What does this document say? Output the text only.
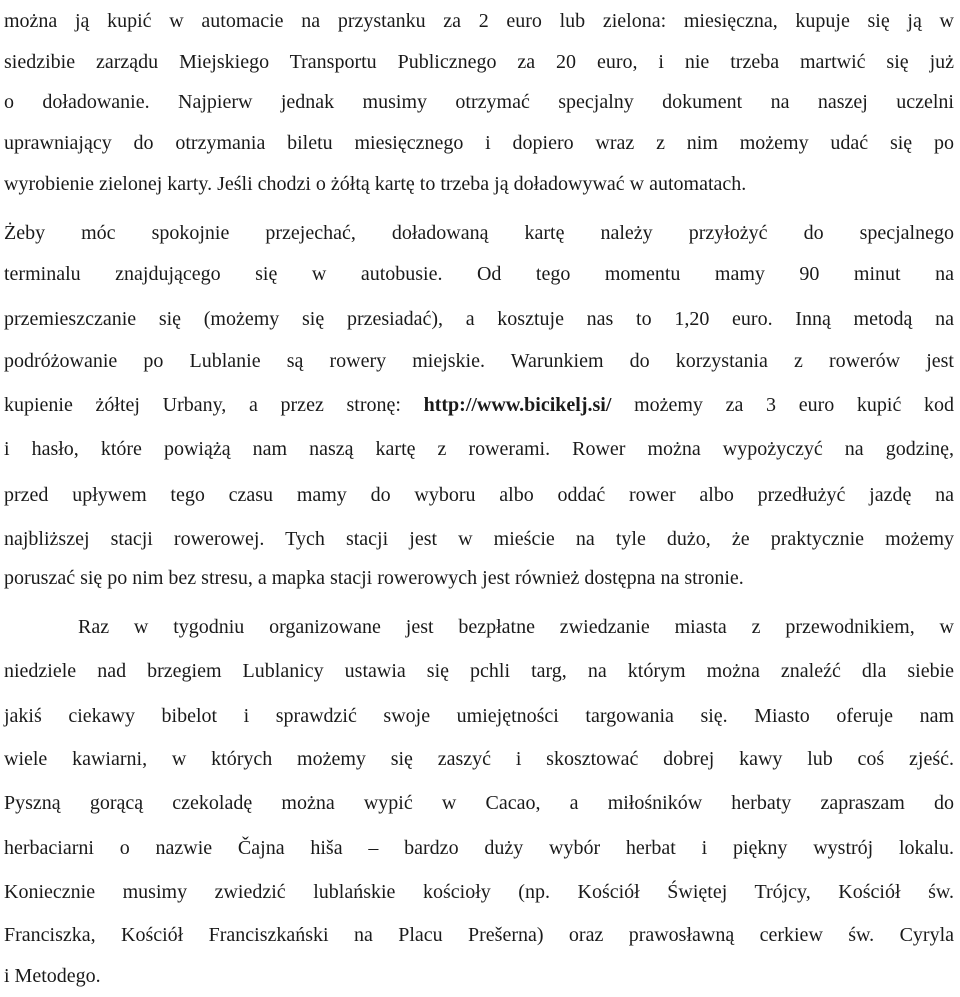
można ją kupić w automacie na przystanku za 2 euro lub zielona: miesięczna, kupuje się ją w
siedzibie zarządu Miejskiego Transportu Publicznego za 20 euro, i nie trzeba martwić się już
o doładowanie. Najpierw jednak musimy otrzymać specjalny dokument na naszej uczelni
uprawniający do otrzymania biletu miesięcznego i dopiero wraz z nim możemy udać się po
wyrobienie zielonej karty. Jeśli chodzi o żółtą kartę to trzeba ją doładowywać w automatach.
Żeby móc spokojnie przejechać, doładowaną kartę należy przyłożyć do specjalnego
terminalu znajdującego się w autobusie. Od tego momentu mamy 90 minut na
przemieszczanie się (możemy się przesiadać), a kosztuje nas to 1,20 euro. Inną metodą na
podróżowanie po Lublanie są rowery miejskie. Warunkiem do korzystania z rowerów jest
kupienie żółtej Urbany, a przez stronę: http://www.bicikelj.si/ możemy za 3 euro kupić kod
i hasło, które powiążą nam naszą kartę z rowerami. Rower można wypożyczyć na godzinę,
przed upływem tego czasu mamy do wyboru albo oddać rower albo przedłużyć jazdę na
najbliższej stacji rowerowej. Tych stacji jest w mieście na tyle dużo, że praktycznie możemy
poruszać się po nim bez stresu, a mapka stacji rowerowych jest również dostępna na stronie.
Raz w tygodniu organizowane jest bezpłatne zwiedzanie miasta z przewodnikiem, w
niedziele nad brzegiem Lublanicy ustawia się pchli targ, na którym można znaleźć dla siebie
jakiś ciekawy bibelot i sprawdzić swoje umiejętności targowania się. Miasto oferuje nam
wiele kawiarni, w których możemy się zaszyć i skosztować dobrej kawy lub coś zjeść.
Pyszną gorącą czekoladę można wypić w Cacao, a miłośników herbaty zapraszam do
herbaciarni o nazwie Čajna hiša – bardzo duży wybór herbat i piękny wystrój lokalu.
Koniecznie musimy zwiedzić lublańskie kościoły (np. Kościół Świętej Trójcy, Kościół św.
Franciszka, Kościół Franciszkański na Placu Prešerna) oraz prawosławną cerkiew św. Cyryla
i Metodego.
